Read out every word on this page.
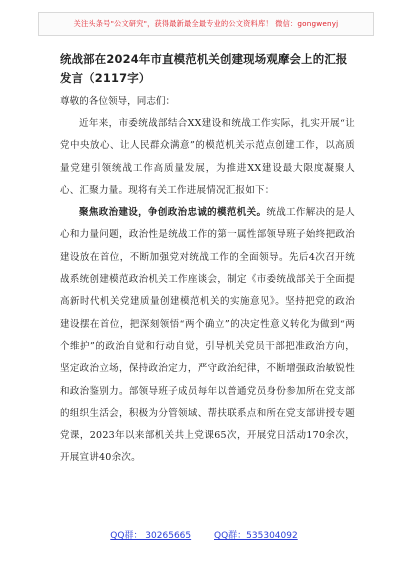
关注头条号"公文研究"，获得最新最全最专业的公文资料库！ 微信：gongwenyj
统战部在2024年市直模范机关创建现场观摩会上的汇报发言（2117字）
尊敬的各位领导，同志们：

近年来，市委统战部结合XX建设和统战工作实际，扎实开展“让党中央放心、让人民群众满意”的模范机关示范点创建工作，以高质量党建引领统战工作高质量发展，为推进XX建设最大限度凝聚人心、汇聚力量。现将有关工作进展情况汇报如下：

聚焦政治建设，争创政治忠诚的模范机关。统战工作解决的是人心和力量问题，政治性是统战工作的第一属性部领导班子始终把政治建设放在首位，不断加强党对统战工作的全面领导。先后4次召开统战系统创建模范政治机关工作座谈会，制定《市委统战部关于全面提高新时代机关党建质量创建模范机关的实施意见》。坚持把党的政治建设摆在首位，把深刻领悟“两个确立”的决定性意义转化为做到“两个维护”的政治自觉和行动自觉，引导机关党员干部把准政治方向，坚定政治立场，保持政治定力，严守政治纪律，不断增强政治敏锐性和政治鉴别力。部领导班子成员每年以普通党员身份参加所在党支部的组织生活会，积极为分管领域、帮扶联系点和所在党支部讲授专题党课，2023年以来部机关共上党课65次，开展党日活动170余次，开展宣讲40余次。

QQ群： 30265665	QQ群：535304092
